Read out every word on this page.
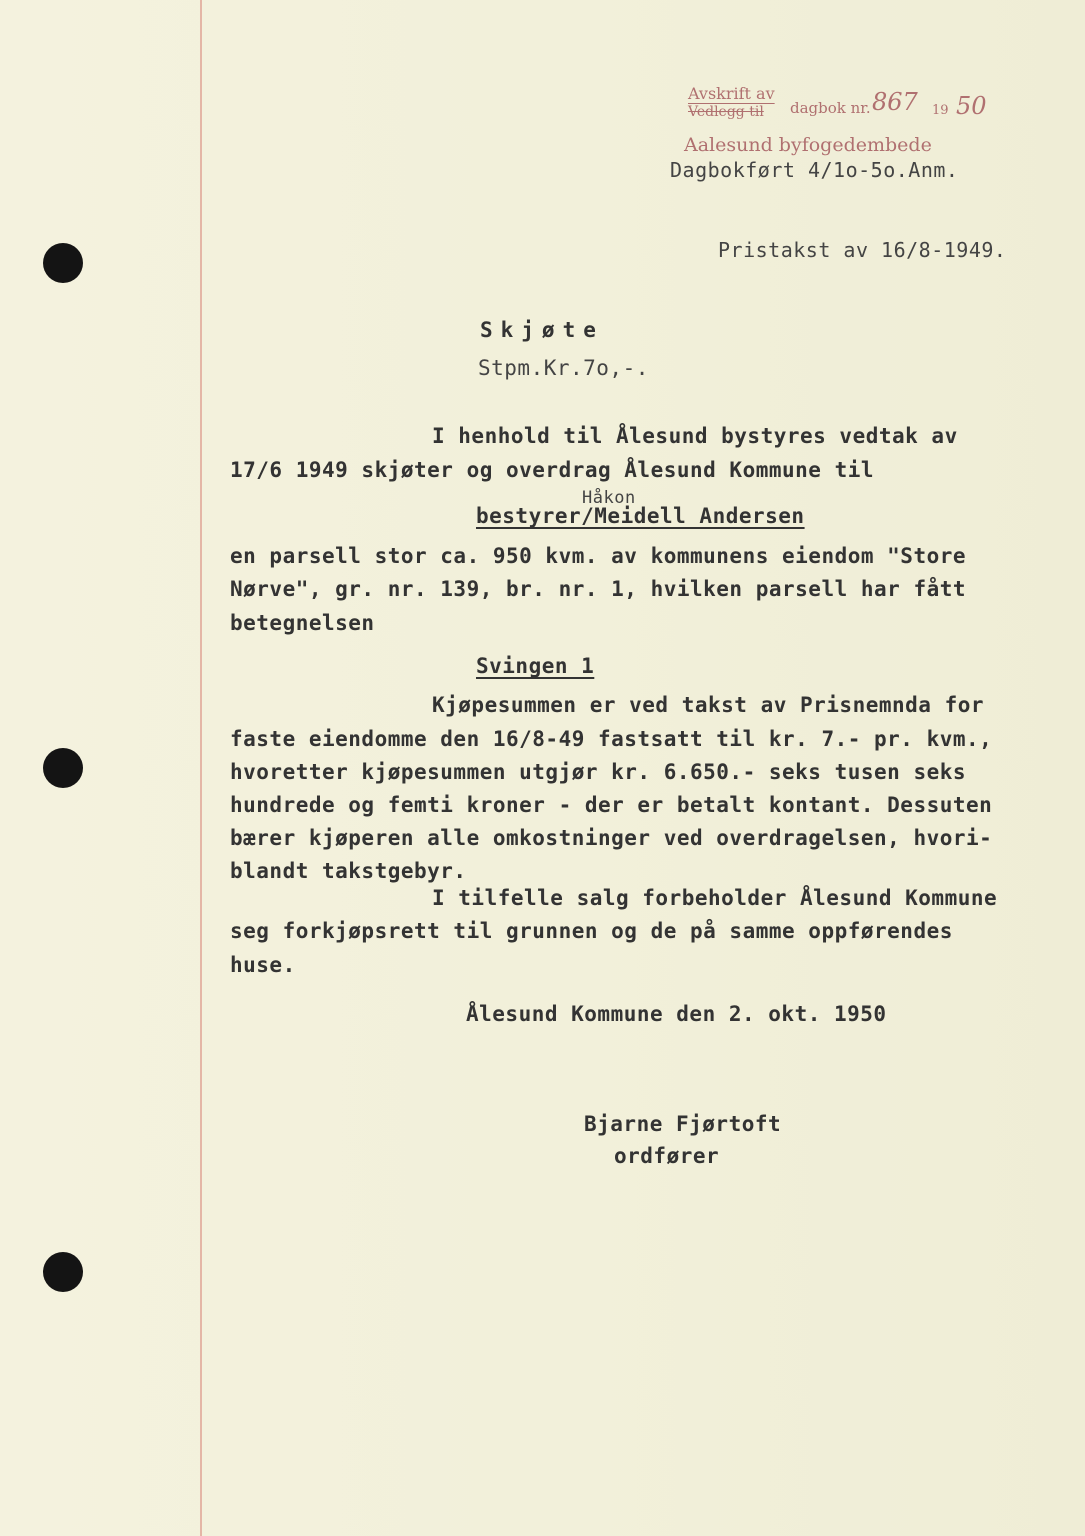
Avskrift av
Vedlegg til dagbok nr. 867 19 50
Aalesund byfogedembede
Dagbokført 4/1o-5o.Anm.
Pristakst av 16/8-1949.
Skjøte
Stpm.Kr.7o,-.
I henhold til Ålesund bystyres vedtak av
17/6 1949 skjøter og overdrag Ålesund Kommune til
Håkon
bestyrer/Meidell Andersen
en parsell stor ca. 950 kvm. av kommunens eiendom "Store
Nørve", gr. nr. 139, br. nr. 1, hvilken parsell har fått
betegnelsen
Svingen 1
Kjøpesummen er ved takst av Prisnemnda for
faste eiendomme den 16/8-49 fastsatt til kr. 7.- pr. kvm.,
hvoretter kjøpesummen utgjør kr. 6.650.- seks tusen seks
hundrede og femti kroner - der er betalt kontant. Dessuten
bærer kjøperen alle omkostninger ved overdragelsen, hvori-
blandt takstgebyr.
I tilfelle salg forbeholder Ålesund Kommune
seg forkjøpsrett til grunnen og de på samme oppførendes
huse.
Ålesund Kommune den 2. okt. 1950
Bjarne Fjørtoft
ordfører
